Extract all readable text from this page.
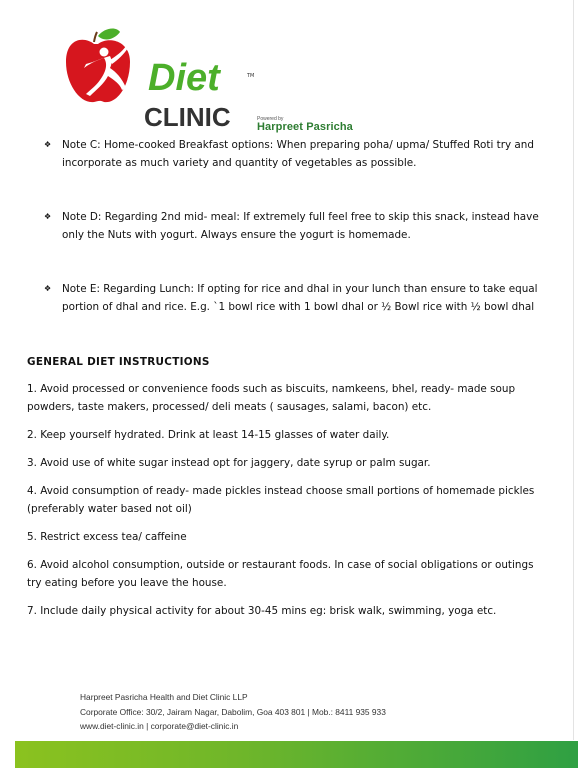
TM
Diet
CLINIC	Powered by
Harpreet Pasricha
❖	Note C: Home-cooked Breakfast options: When preparing poha/ upma/ Stuffed Roti try and incorporate as much variety and quantity of vegetables as possible.
❖	Note D: Regarding 2nd mid- meal: If extremely full feel free to skip this snack, instead have only the Nuts with yogurt. Always ensure the yogurt is homemade.
❖	Note E: Regarding Lunch: If opting for rice and dhal in your lunch than ensure to take equal portion of dhal and rice. E.g. `1 bowl rice with 1 bowl dhal or ½ Bowl rice with ½ bowl dhal
GENERAL DIET INSTRUCTIONS
1. Avoid processed or convenience foods such as biscuits, namkeens, bhel, ready- made soup powders, taste makers, processed/ deli meats ( sausages, salami, bacon) etc.
2. Keep yourself hydrated. Drink at least 14-15 glasses of water daily.
3. Avoid use of white sugar instead opt for jaggery, date syrup or palm sugar.
4. Avoid consumption of ready- made pickles instead choose small portions of homemade pickles (preferably water based not oil)
5. Restrict excess tea/ caffeine
6. Avoid alcohol consumption, outside or restaurant foods. In case of social obligations or outings try eating before you leave the house.
7. Include daily physical activity for about 30-45 mins eg: brisk walk, swimming, yoga etc.
Harpreet Pasricha Health and Diet Clinic LLP
Corporate Office: 30/2, Jairam Nagar, Dabolim, Goa 403 801 | Mob.: 8411 935 933
www.diet-clinic.in | corporate@diet-clinic.in
